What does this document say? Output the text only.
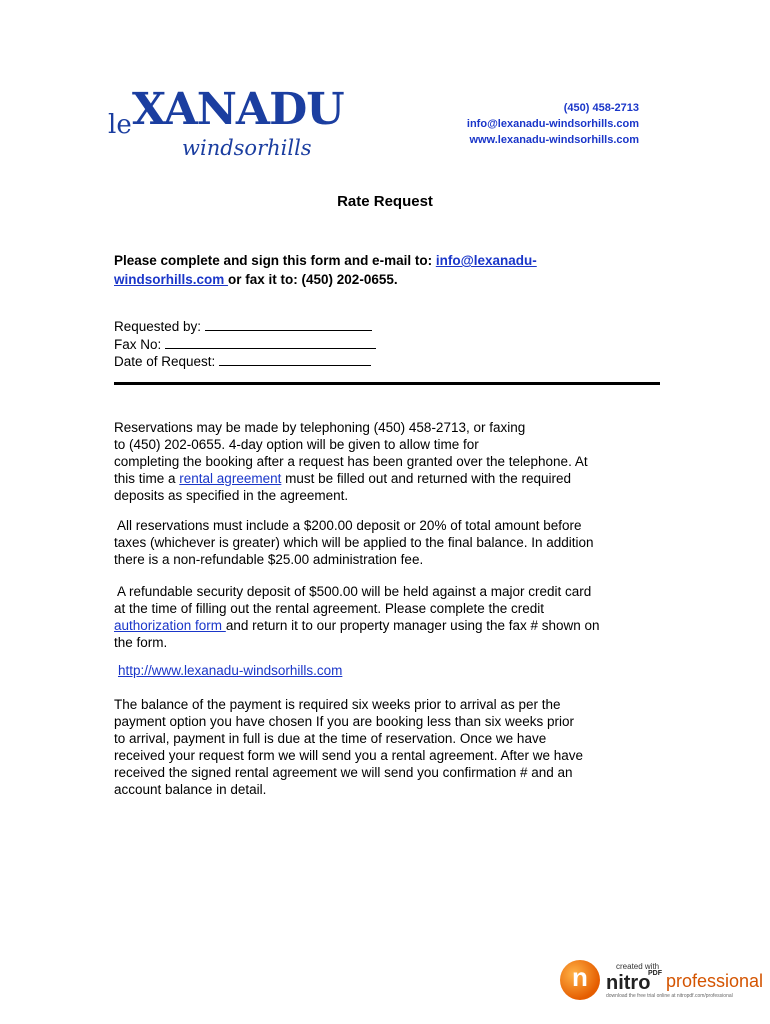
le XANADU
windsorhills
(450) 458-2713
info@lexanadu-windsorhills.com
www.lexanadu-windsorhills.com
Rate Request
Please complete and sign this form and e-mail to: info@lexanadu-
windsorhills.com or fax it to: (450) 202-0655.
Requested by:
Fax No:
Date of Request:
Reservations may be made by telephoning (450) 458-2713, or faxing
to (450) 202-0655. 4-day option will be given to allow time for
completing the booking after a request has been granted over the telephone. At
this time a rental agreement must be filled out and returned with the required
deposits as specified in the agreement.
All reservations must include a $200.00 deposit or 20% of total amount before
taxes (whichever is greater) which will be applied to the final balance. In addition
there is a non-refundable $25.00 administration fee.
A refundable security deposit of $500.00 will be held against a major credit card
at the time of filling out the rental agreement. Please complete the credit
authorization form and return it to our property manager using the fax # shown on
the form.
http://www.lexanadu-windsorhills.com
The balance of the payment is required six weeks prior to arrival as per the
payment option you have chosen If you are booking less than six weeks prior
to arrival, payment in full is due at the time of reservation. Once we have
received your request form we will send you a rental agreement. After we have
received the signed rental agreement we will send you confirmation # and an
account balance in detail.
n	created with
nitro
PDF professional
download the free trial online at nitropdf.com/professional
